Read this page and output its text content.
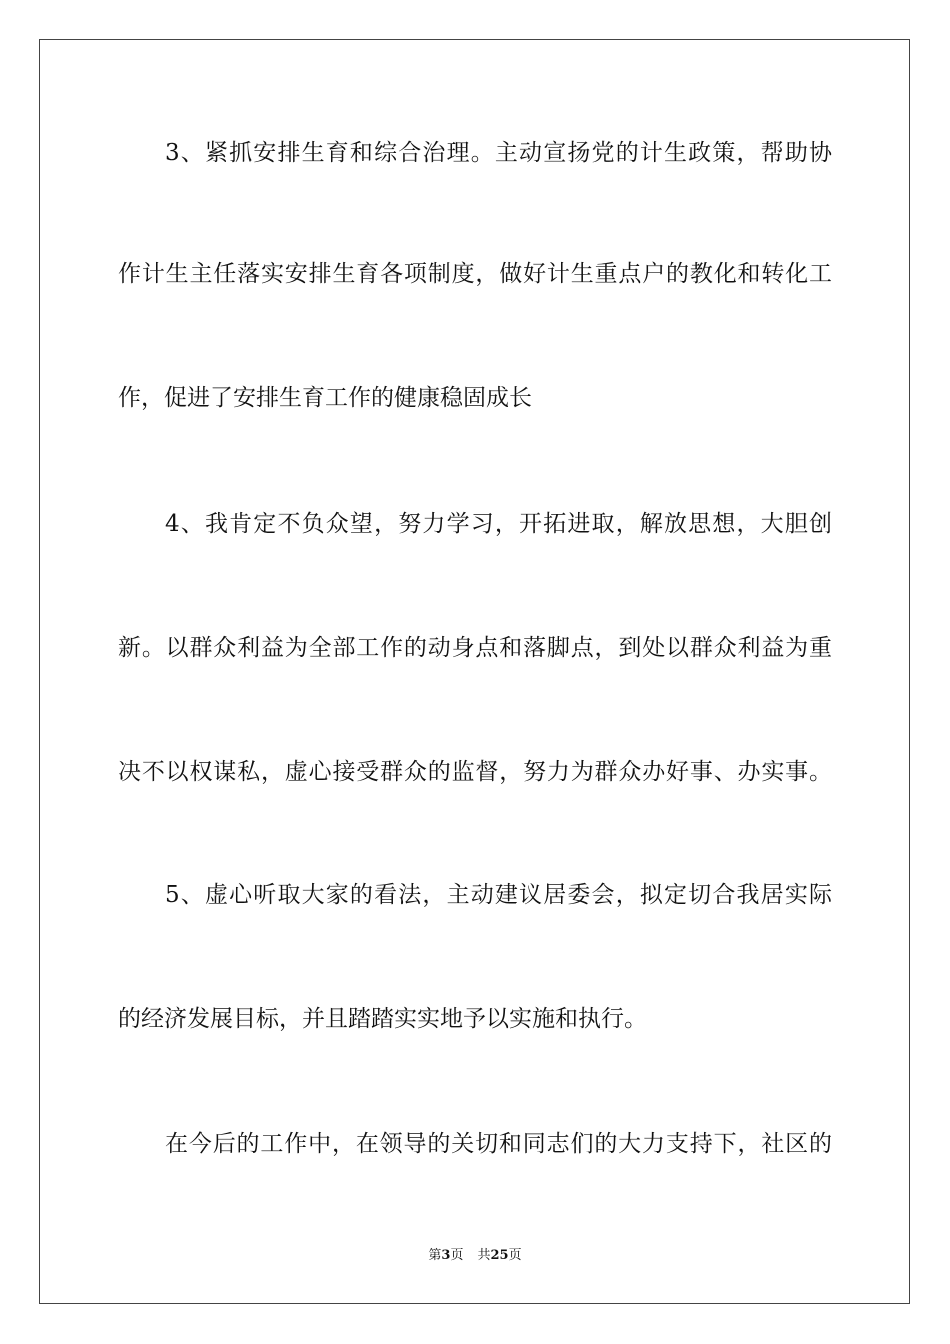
3、紧抓安排生育和综合治理。主动宣扬党的计生政策，帮助协
作计生主任落实安排生育各项制度，做好计生重点户的教化和转化工
作，促进了安排生育工作的健康稳固成长
4、我肯定不负众望，努力学习，开拓进取，解放思想，大胆创
新。以群众利益为全部工作的动身点和落脚点，到处以群众利益为重
决不以权谋私，虚心接受群众的监督，努力为群众办好事、办实事。
5、虚心听取大家的看法，主动建议居委会，拟定切合我居实际
的经济发展目标，并且踏踏实实地予以实施和执行。
在今后的工作中，在领导的关切和同志们的大力支持下，社区的
第3页 共25页
